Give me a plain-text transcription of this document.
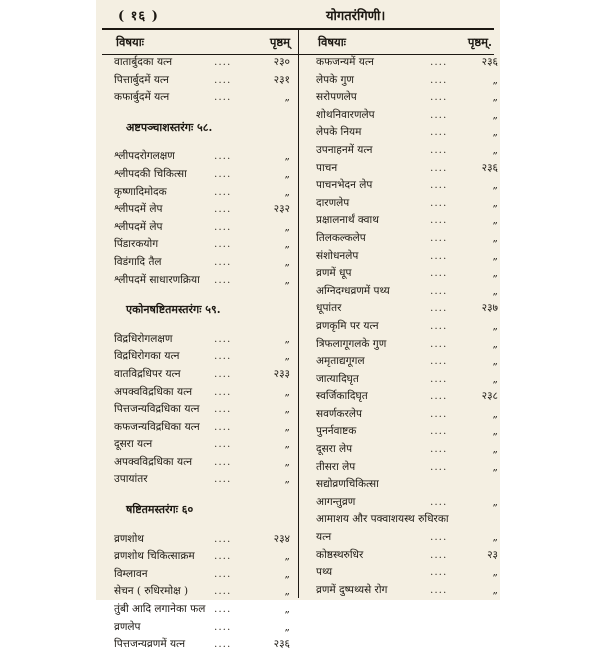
( १६ )	योगतरंगिणी।
विषयाः	पृष्ठम्
वातार्बुदका यत्न	....	२३०
पित्तार्बुदमें यत्न	....	२३१
कफार्बुदमें यत्न	....	„
अष्टपञ्चाशस्तरंगः ५८.
श्लीपदरोगलक्षण	....	„
श्लीपदकी चिकित्सा	....	„
कृष्णादिमोदक	....	„
श्लीपदमें लेप	....	२३२
श्लीपदमें लेप	....	„
पिंडारकयोग	....	„
विडंगादि तैल	....	„
श्लीपदमें साधारणक्रिया ....	„
एकोनषष्टितमस्तरंगः ५९.
विद्रधिरोगलक्षण	....	„
विद्रधिरोगका यत्न	....	„
वातविद्रधिपर यत्न	....	२३३
अपक्वविद्रधिका यत्न ....	„
पित्तजन्यविद्रधिका यत्न ....	„
कफजन्यविद्रधिका यत्न ....	„
दूसरा यत्न	....	„
अपक्वविद्रधिका यत्न ....	„
उपायांतर	....	„
षष्टितमस्तरंगः ६०
व्रणशोथ	....	२३४
व्रणशोथ चिकित्साक्रम ....	„
विम्लावन	....	„
सेचन ( रुधिरमोक्ष ) ....	„
तुंबी आदि लगानेका फल ....	„
व्रणलेप	....	„
पित्तजन्यव्रणमें यत्न	....	२३६
विषयाः	पृष्ठम्.
कफजन्यमें यत्न	....	२३६
लेपके गुण	....	„
सरोपणलेप	....	„
शोथनिवारणलेप	....	„
लेपके नियम	....	„
उपनाहनमें यत्न	....	„
पाचन	....	२३६
पाचनभेदन लेप	....	„
दारणलेप	....	„
प्रक्षालनार्थं क्वाथ	....	„
तिलकल्कलेप	....	„
संशोधनलेप	....	„
व्रणमें धूप	....	„
अग्निदग्धव्रणमें पथ्य	....	„
धूपांतर	....	२३७
व्रणकृमि पर यत्न	....	„
त्रिफलागूगलके गुण	....	„
अमृताद्यगूगल	....	„
जात्यादिघृत	....	„
स्वर्जिकादिघृत	....	२३८
सवर्णकरलेप	....	„
पुनर्नवाष्टक	....	„
दूसरा लेप	....	„
तीसरा लेप	....	„
सद्योव्रणचिकित्सा
आगन्तुव्रण	....	„
आमाशय और पक्वाशयस्थ रुधिरका
यत्न	....	„
कोष्ठस्थरुधिर	....	२३
पथ्य	....	„
व्रणमें दुष्पथ्यसे रोग	....	„
